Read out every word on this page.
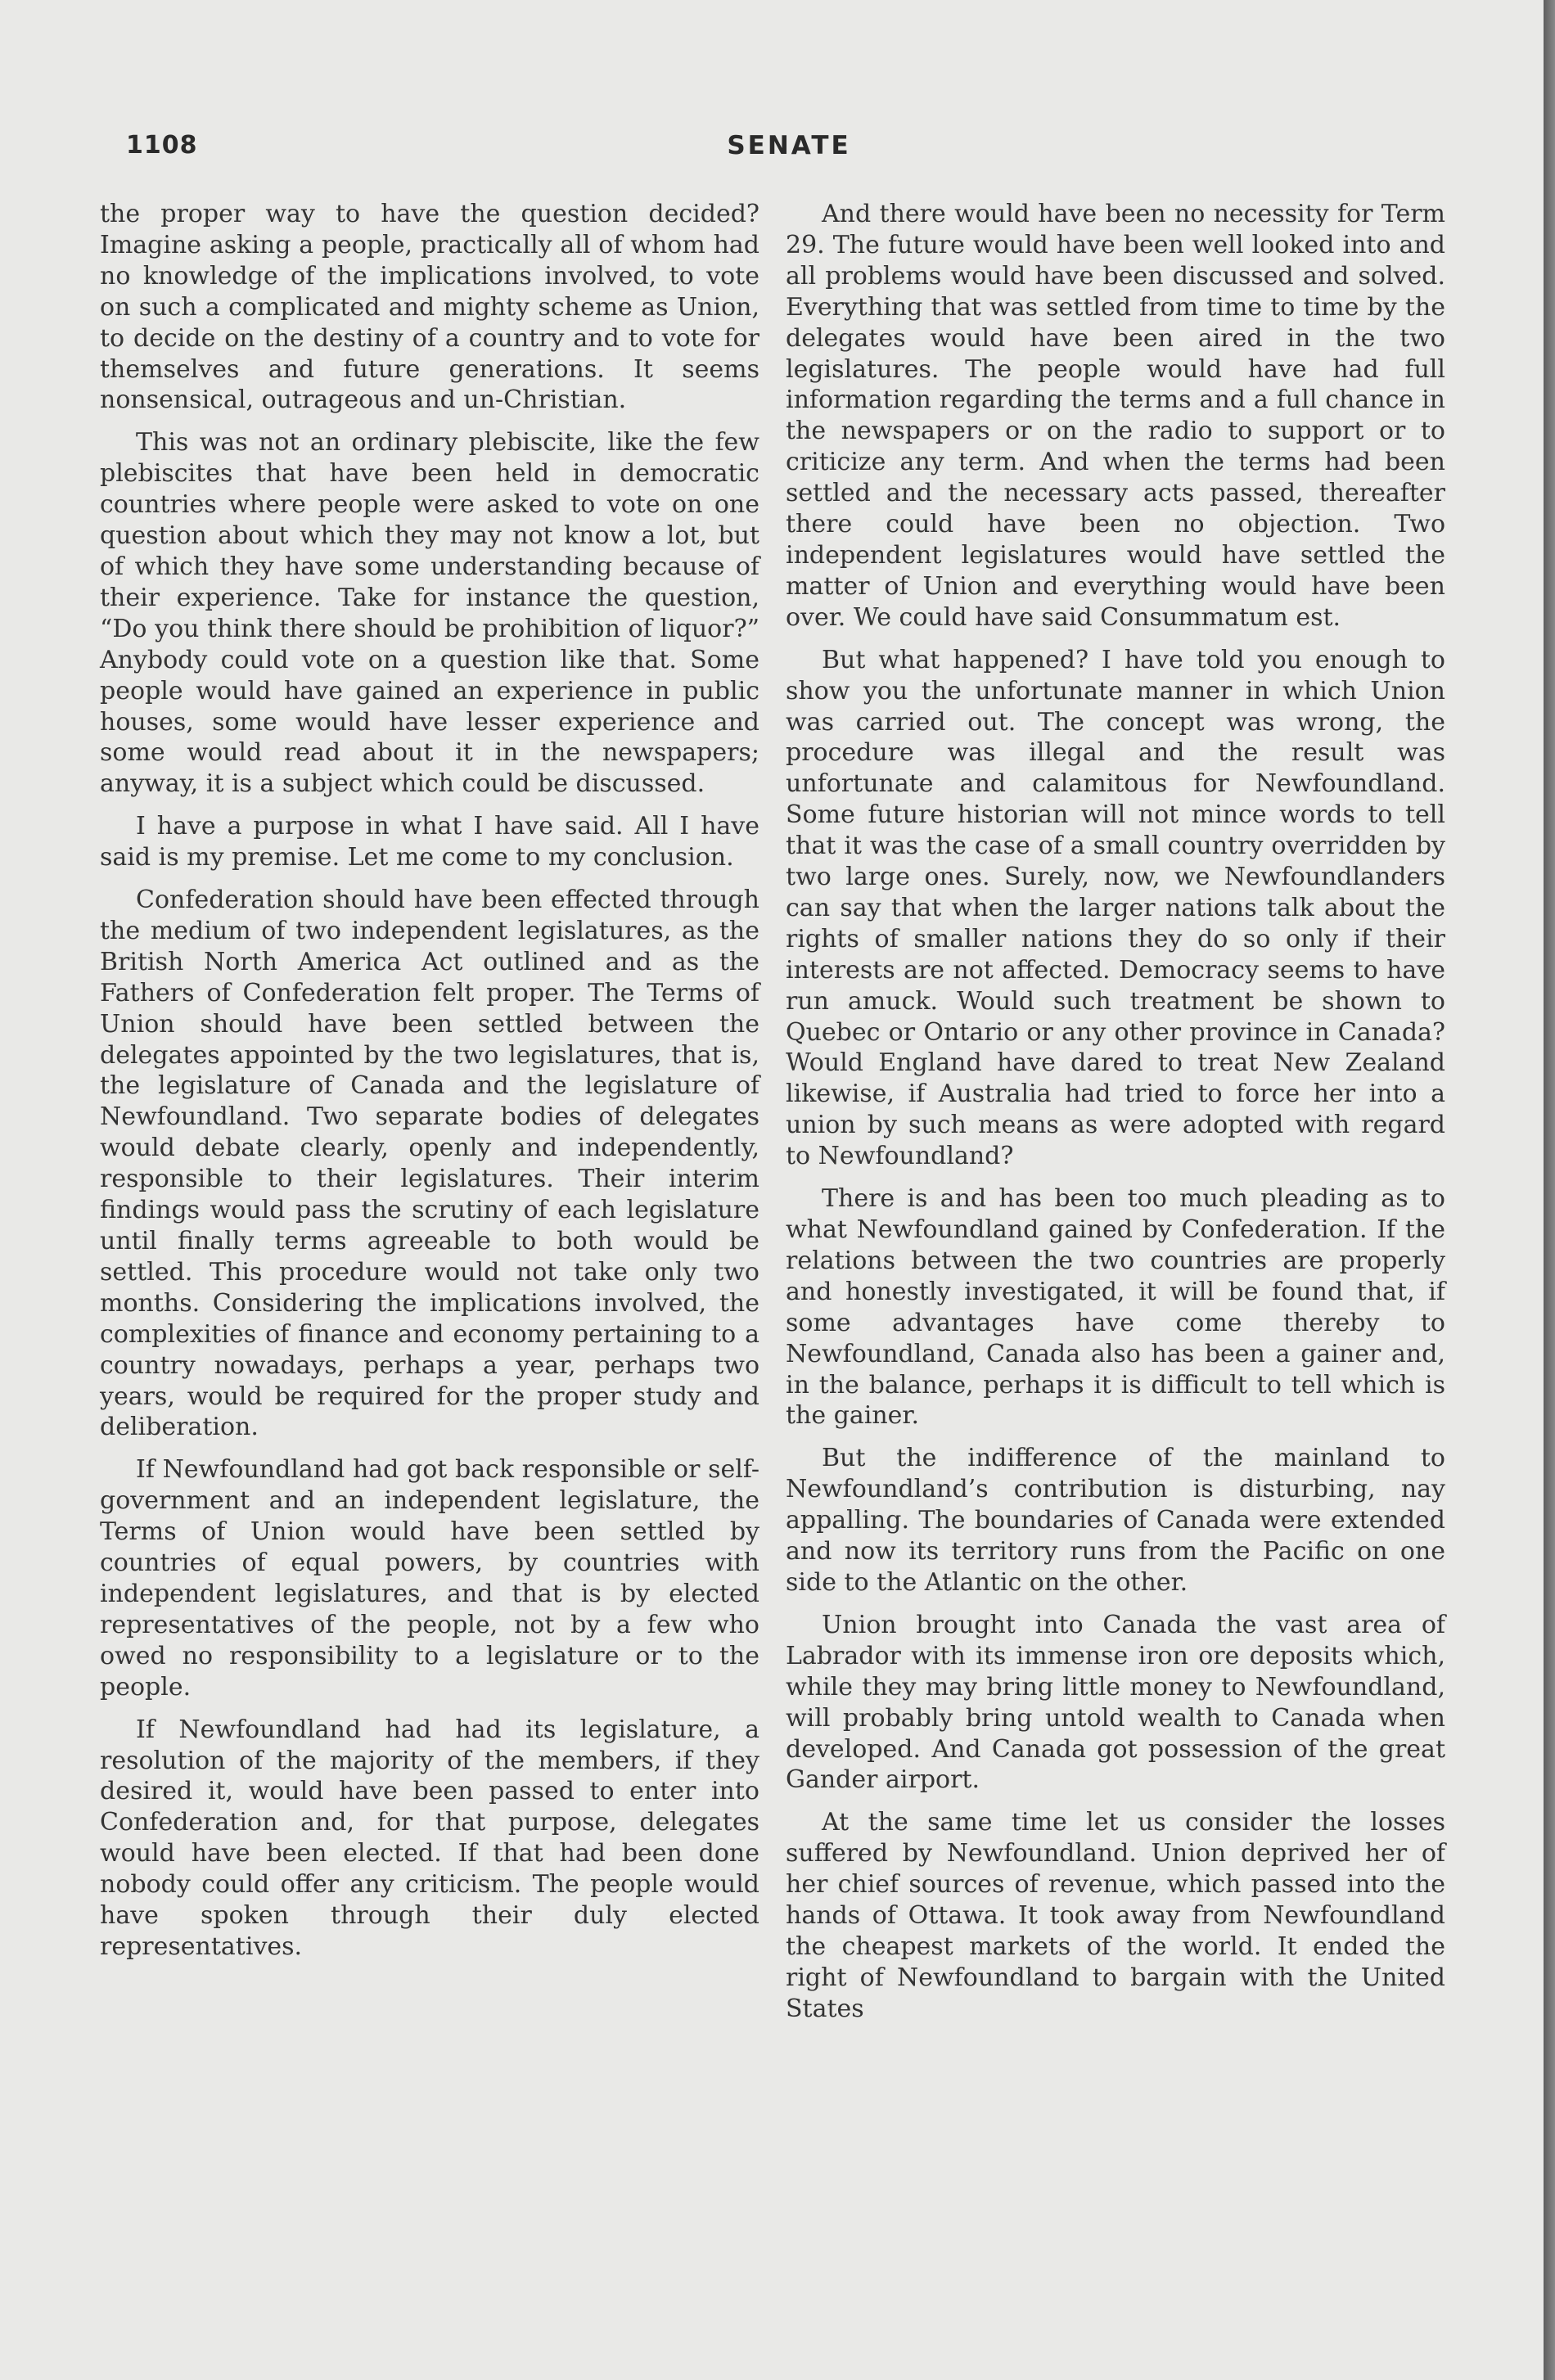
1108	SENATE

the proper way to have the question decided? Imagine asking a people, practically all of whom had no knowledge of the implications involved, to vote on such a complicated and mighty scheme as Union, to decide on the destiny of a country and to vote for themselves and future generations. It seems nonsensical, outrageous and un-Christian.

This was not an ordinary plebiscite, like the few plebiscites that have been held in democratic countries where people were asked to vote on one question about which they may not know a lot, but of which they have some understanding because of their experience. Take for instance the question, “Do you think there should be prohibition of liquor?” Anybody could vote on a question like that. Some people would have gained an experience in public houses, some would have lesser experience and some would read about it in the newspapers; anyway, it is a subject which could be discussed.

I have a purpose in what I have said. All I have said is my premise. Let me come to my conclusion.

Confederation should have been effected through the medium of two independent legislatures, as the British North America Act outlined and as the Fathers of Confederation felt proper. The Terms of Union should have been settled between the delegates appointed by the two legislatures, that is, the legislature of Canada and the legislature of Newfoundland. Two separate bodies of delegates would debate clearly, openly and independently, responsible to their legislatures. Their interim findings would pass the scrutiny of each legislature until finally terms agreeable to both would be settled. This procedure would not take only two months. Considering the implications involved, the complexities of finance and economy pertaining to a country nowadays, perhaps a year, perhaps two years, would be required for the proper study and deliberation.

If Newfoundland had got back responsible or self-government and an independent legislature, the Terms of Union would have been settled by countries of equal powers, by countries with independent legislatures, and that is by elected representatives of the people, not by a few who owed no responsibility to a legislature or to the people.

If Newfoundland had had its legislature, a resolution of the majority of the members, if they desired it, would have been passed to enter into Confederation and, for that purpose, delegates would have been elected. If that had been done nobody could offer any criticism. The people would have spoken through their duly elected representatives.

And there would have been no necessity for Term 29. The future would have been well looked into and all problems would have been discussed and solved. Everything that was settled from time to time by the delegates would have been aired in the two legislatures. The people would have had full information regarding the terms and a full chance in the newspapers or on the radio to support or to criticize any term. And when the terms had been settled and the necessary acts passed, thereafter there could have been no objection. Two independent legislatures would have settled the matter of Union and everything would have been over. We could have said Consummatum est.

But what happened? I have told you enough to show you the unfortunate manner in which Union was carried out. The concept was wrong, the procedure was illegal and the result was unfortunate and calamitous for Newfoundland. Some future historian will not mince words to tell that it was the case of a small country overridden by two large ones. Surely, now, we Newfoundlanders can say that when the larger nations talk about the rights of smaller nations they do so only if their interests are not affected. Democracy seems to have run amuck. Would such treatment be shown to Quebec or Ontario or any other province in Canada? Would England have dared to treat New Zealand likewise, if Australia had tried to force her into a union by such means as were adopted with regard to Newfoundland?

There is and has been too much pleading as to what Newfoundland gained by Confederation. If the relations between the two countries are properly and honestly investigated, it will be found that, if some advantages have come thereby to Newfoundland, Canada also has been a gainer and, in the balance, perhaps it is difficult to tell which is the gainer.

But the indifference of the mainland to Newfoundland’s contribution is disturbing, nay appalling. The boundaries of Canada were extended and now its territory runs from the Pacific on one side to the Atlantic on the other.

Union brought into Canada the vast area of Labrador with its immense iron ore deposits which, while they may bring little money to Newfoundland, will probably bring untold wealth to Canada when developed. And Canada got possession of the great Gander airport.

At the same time let us consider the losses suffered by Newfoundland. Union deprived her of her chief sources of revenue, which passed into the hands of Ottawa. It took away from Newfoundland the cheapest markets of the world. It ended the right of Newfoundland to bargain with the United States
